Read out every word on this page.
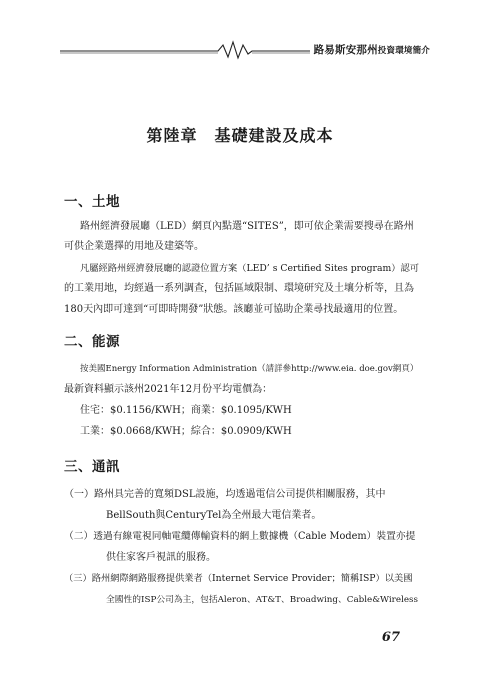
路易斯安那州投資環境簡介
第陸章　基礎建設及成本
一、土地
路州經濟發展廳（LED）網頁內點選“SITES”，即可依企業需要搜尋在路州
可供企業選擇的用地及建築等。
凡屬經路州經濟發展廳的認證位置方案（LED’ s Certified Sites program）認可
的工業用地，均經過一系列調查，包括區域限制、環境研究及土壤分析等，且為
180天內即可達到“可即時開發”狀態。該廳並可協助企業尋找最適用的位置。
二、能源
按美國Energy Information Administration（請詳參http://www.eia. doe.gov網頁）
最新資料顯示該州2021年12月份平均電價為：
住宅：$0.1156/KWH；商業：$0.1095/KWH
工業：$0.0668/KWH；綜合：$0.0909/KWH
三、通訊
（一）路州具完善的寬頻DSL設施，均透過電信公司提供相關服務，其中
BellSouth與CenturyTel為全州最大電信業者。
（二）透過有線電視同軸電纜傳輸資料的網上數據機（Cable Modem）裝置亦提
供住家客戶視訊的服務。
（三）路州網際網路服務提供業者（Internet Service Provider；簡稱ISP）以美國
全國性的ISP公司為主，包括Aleron、AT&T、Broadwing、Cable&Wireless
67
